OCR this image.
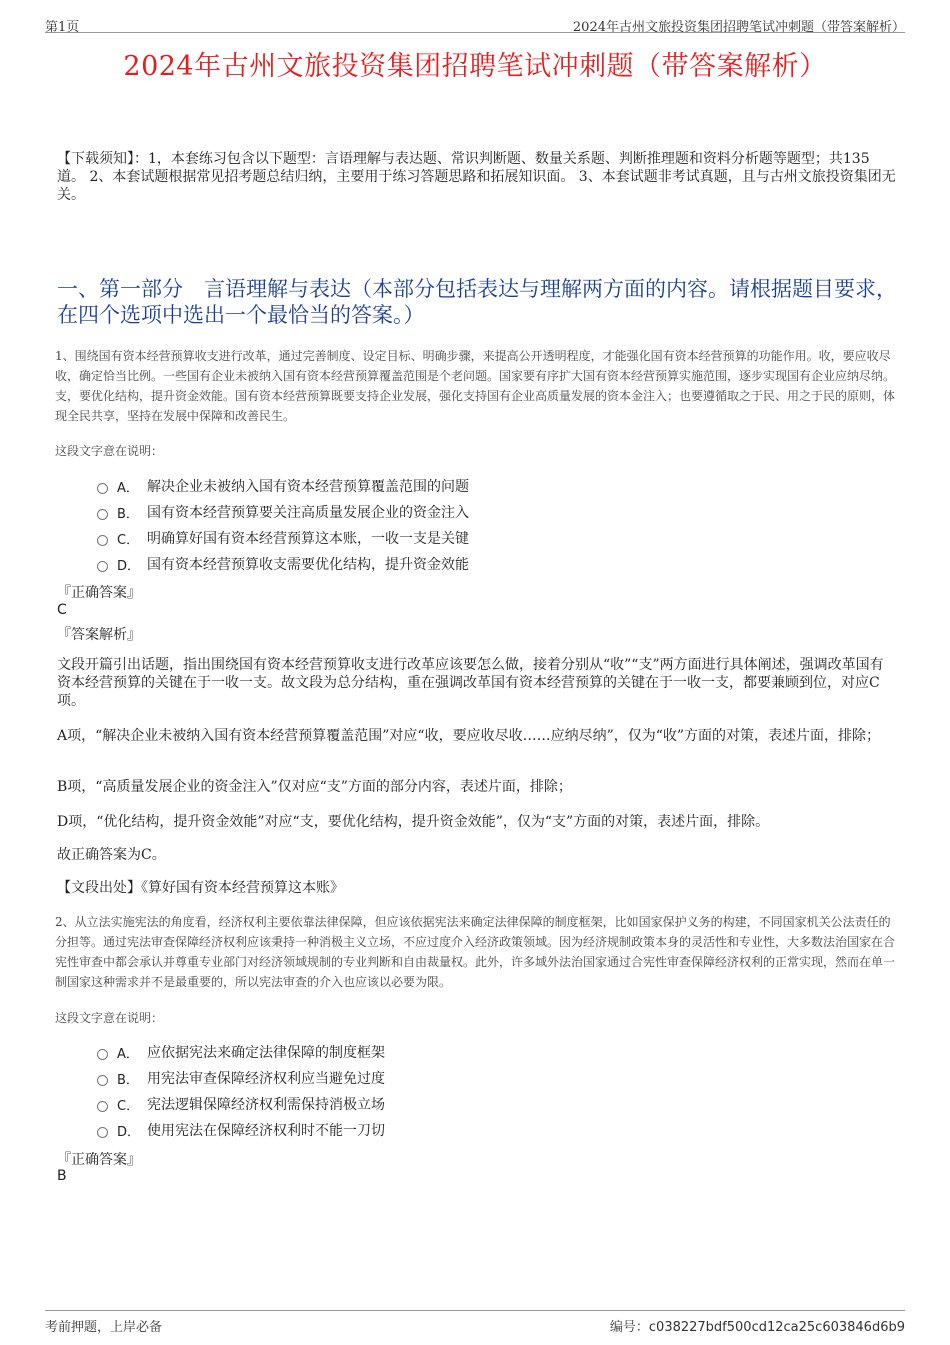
第1页	2024年古州文旅投资集团招聘笔试冲刺题（带答案解析）
2024年古州文旅投资集团招聘笔试冲刺题（带答案解析）
【下载须知】：1，本套练习包含以下题型：言语理解与表达题、常识判断题、数量关系题、判断推理题和资料分析题等题型；共135道。 2、本套试题根据常见招考题总结归纳，主要用于练习答题思路和拓展知识面。 3、本套试题非考试真题，且与古州文旅投资集团无关。
一、第一部分　言语理解与表达（本部分包括表达与理解两方面的内容。请根据题目要求，在四个选项中选出一个最恰当的答案。）
1、围绕国有资本经营预算收支进行改革，通过完善制度、设定目标、明确步骤，来提高公开透明程度，才能强化国有资本经营预算的功能作用。收，要应收尽收，确定恰当比例。一些国有企业未被纳入国有资本经营预算覆盖范围是个老问题。国家要有序扩大国有资本经营预算实施范围，逐步实现国有企业应纳尽纳。支，要优化结构，提升资金效能。国有资本经营预算既要支持企业发展，强化支持国有企业高质量发展的资本金注入；也要遵循取之于民、用之于民的原则，体现全民共享，坚持在发展中保障和改善民生。
这段文字意在说明：
A． 解决企业未被纳入国有资本经营预算覆盖范围的问题
B． 国有资本经营预算要关注高质量发展企业的资金注入
C． 明确算好国有资本经营预算这本账，一收一支是关键
D． 国有资本经营预算收支需要优化结构，提升资金效能
『正确答案』
C
『答案解析』
文段开篇引出话题，指出围绕国有资本经营预算收支进行改革应该要怎么做，接着分别从“收”“支”两方面进行具体阐述，强调改革国有资本经营预算的关键在于一收一支。故文段为总分结构，重在强调改革国有资本经营预算的关键在于一收一支，都要兼顾到位，对应C项。
A项，“解决企业未被纳入国有资本经营预算覆盖范围”对应“收，要应收尽收……应纳尽纳”，仅为“收”方面的对策，表述片面，排除；
B项，“高质量发展企业的资金注入”仅对应“支”方面的部分内容，表述片面，排除；
D项，“优化结构，提升资金效能”对应“支，要优化结构，提升资金效能”，仅为“支”方面的对策，表述片面，排除。
故正确答案为C。
【文段出处】《算好国有资本经营预算这本账》
2、从立法实施宪法的角度看，经济权利主要依靠法律保障，但应该依据宪法来确定法律保障的制度框架，比如国家保护义务的构建，不同国家机关公法责任的分担等。通过宪法审查保障经济权利应该秉持一种消极主义立场，不应过度介入经济政策领域。因为经济规制政策本身的灵活性和专业性，大多数法治国家在合宪性审查中都会承认并尊重专业部门对经济领域规制的专业判断和自由裁量权。此外，许多域外法治国家通过合宪性审查保障经济权利的正常实现，然而在单一制国家这种需求并不是最重要的，所以宪法审查的介入也应该以必要为限。
这段文字意在说明：
A． 应依据宪法来确定法律保障的制度框架
B． 用宪法审查保障经济权利应当避免过度
C． 宪法逻辑保障经济权利需保持消极立场
D． 使用宪法在保障经济权利时不能一刀切
『正确答案』
B
考前押题，上岸必备	编号：c038227bdf500cd12ca25c603846d6b9
